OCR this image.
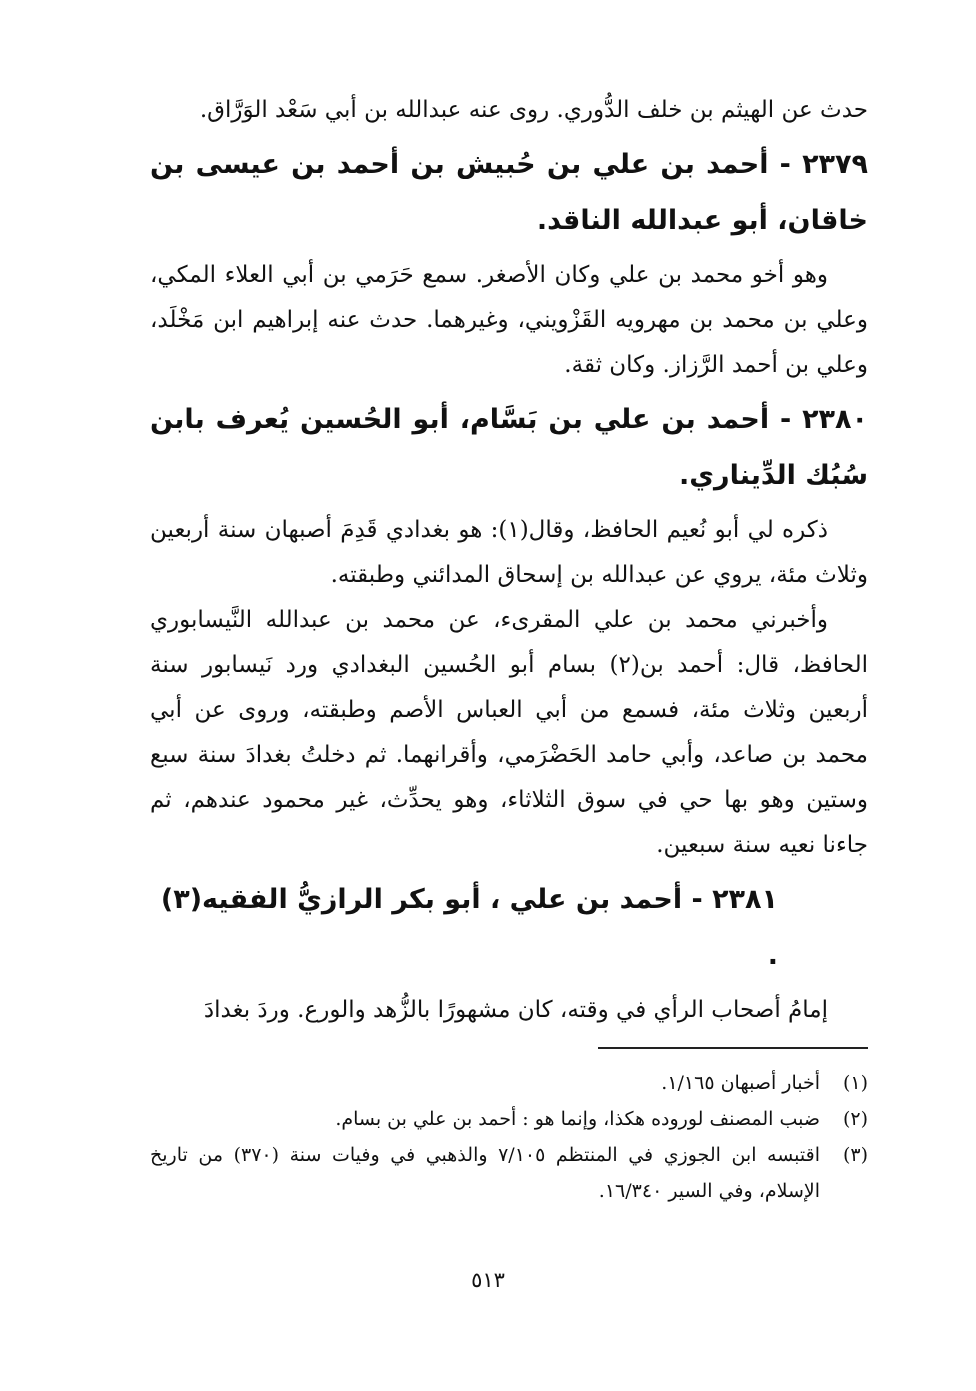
حدث عن الهيثم بن خلف الدُّوري. روى عنه عبدالله بن أبي سَعْد الوَرَّاق.

٢٣٧٩ - أحمد بن علي بن حُبيش بن أحمد بن عيسى بن خاقان، أبو عبدالله الناقد.

وهو أخو محمد بن علي وكان الأصغر. سمع حَرَمي بن أبي العلاء المكي، وعلي بن محمد بن مهرويه القَزْويني، وغيرهما. حدث عنه إبراهيم ابن مَخْلَد، وعلي بن أحمد الرَّزاز. وكان ثقة.

٢٣٨٠ - أحمد بن علي بن بَسَّام، أبو الحُسين يُعرف بابن سُبُك الدِّيناري.

ذكره لي أبو نُعيم الحافظ، وقال(١): هو بغدادي قَدِمَ أصبهان سنة أربعين وثلاث مئة، يروي عن عبدالله بن إسحاق المدائني وطبقته.

وأخبرني محمد بن علي المقرىء، عن محمد بن عبدالله النَّيسابوري الحافظ، قال: أحمد بن(٢) بسام أبو الحُسين البغدادي ورد نَيسابور سنة أربعين وثلاث مئة، فسمع من أبي العباس الأصم وطبقته، وروى عن أبي محمد بن صاعد، وأبي حامد الحَضْرَمي، وأقرانهما. ثم دخلتُ بغدادَ سنة سبع وستين وهو بها حي في سوق الثلاثاء، وهو يحدِّث، غير محمود عندهم، ثم جاءنا نعيه سنة سبعين.

٢٣٨١ - أحمد بن علي ، أبو بكر الرازيُّ الفقيه(٣) .

إمامُ أصحاب الرأي في وقته، كان مشهورًا بالزُّهد والورع. وردَ بغدادَ

(١)
أخبار أصبهان ١/١٦٥.
(٢)
ضبب المصنف لوروده هكذا، وإنما هو : أحمد بن علي بن بسام.
(٣)
اقتبسه ابن الجوزي في المنتظم ٧/١٠٥ والذهبي في وفيات سنة (٣٧٠) من تاريخ الإسلام، وفي السير ١٦/٣٤٠.
٥١٣
